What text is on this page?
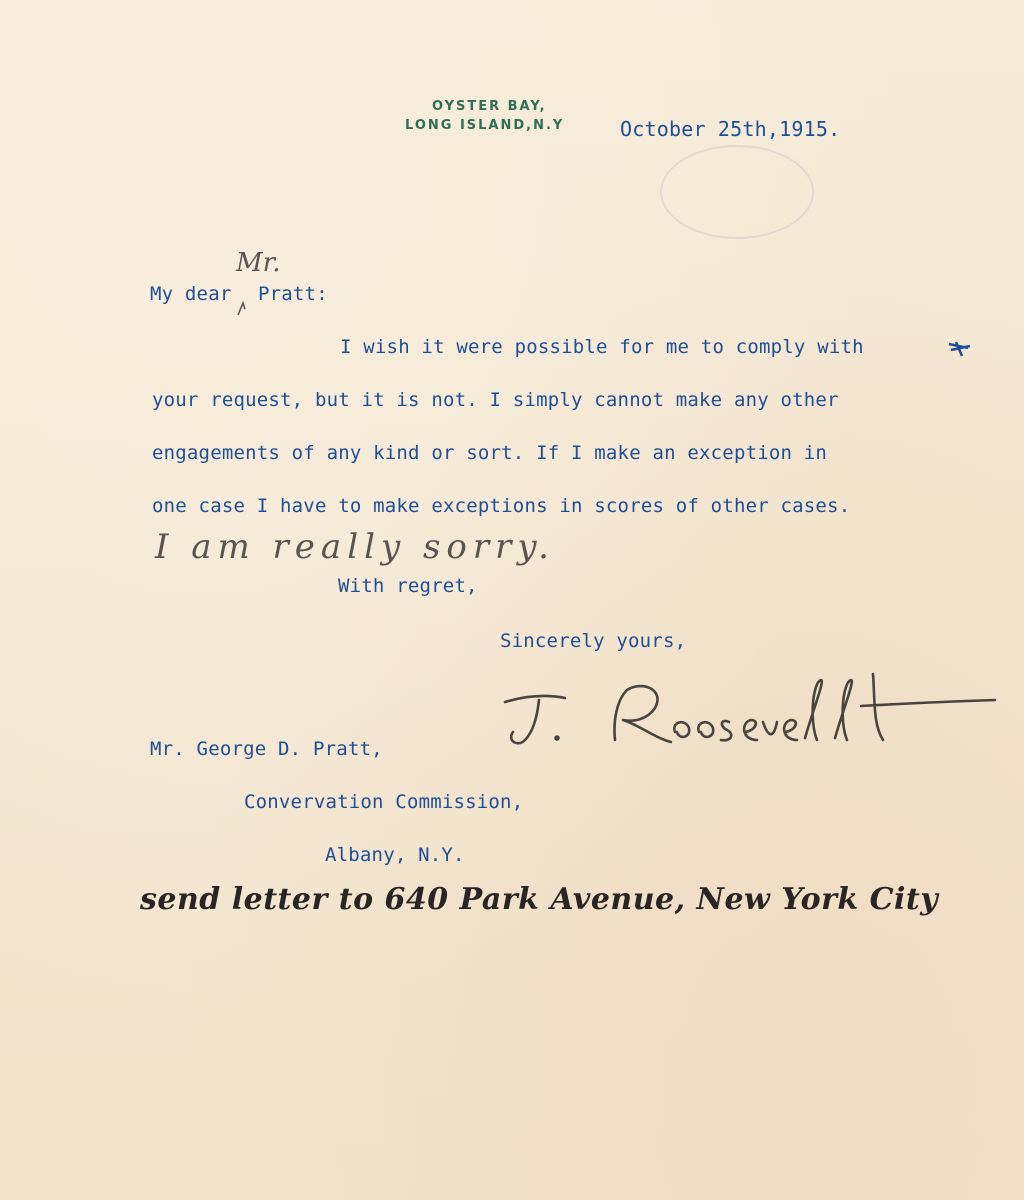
OYSTER BAY,
LONG ISLAND,N.Y	October 25th,1915.
Mr.
My dear Pratt:
I wish it were possible for me to comply with
your request, but it is not. I simply cannot make any other
engagements of any kind or sort. If I make an exception in
one case I have to make exceptions in scores of other cases.
I am really sorry.
With regret,
Sincerely yours,
Mr. George D. Pratt,
Convervation Commission,
Albany, N.Y.
send letter to 640 Park Avenue, New York City
